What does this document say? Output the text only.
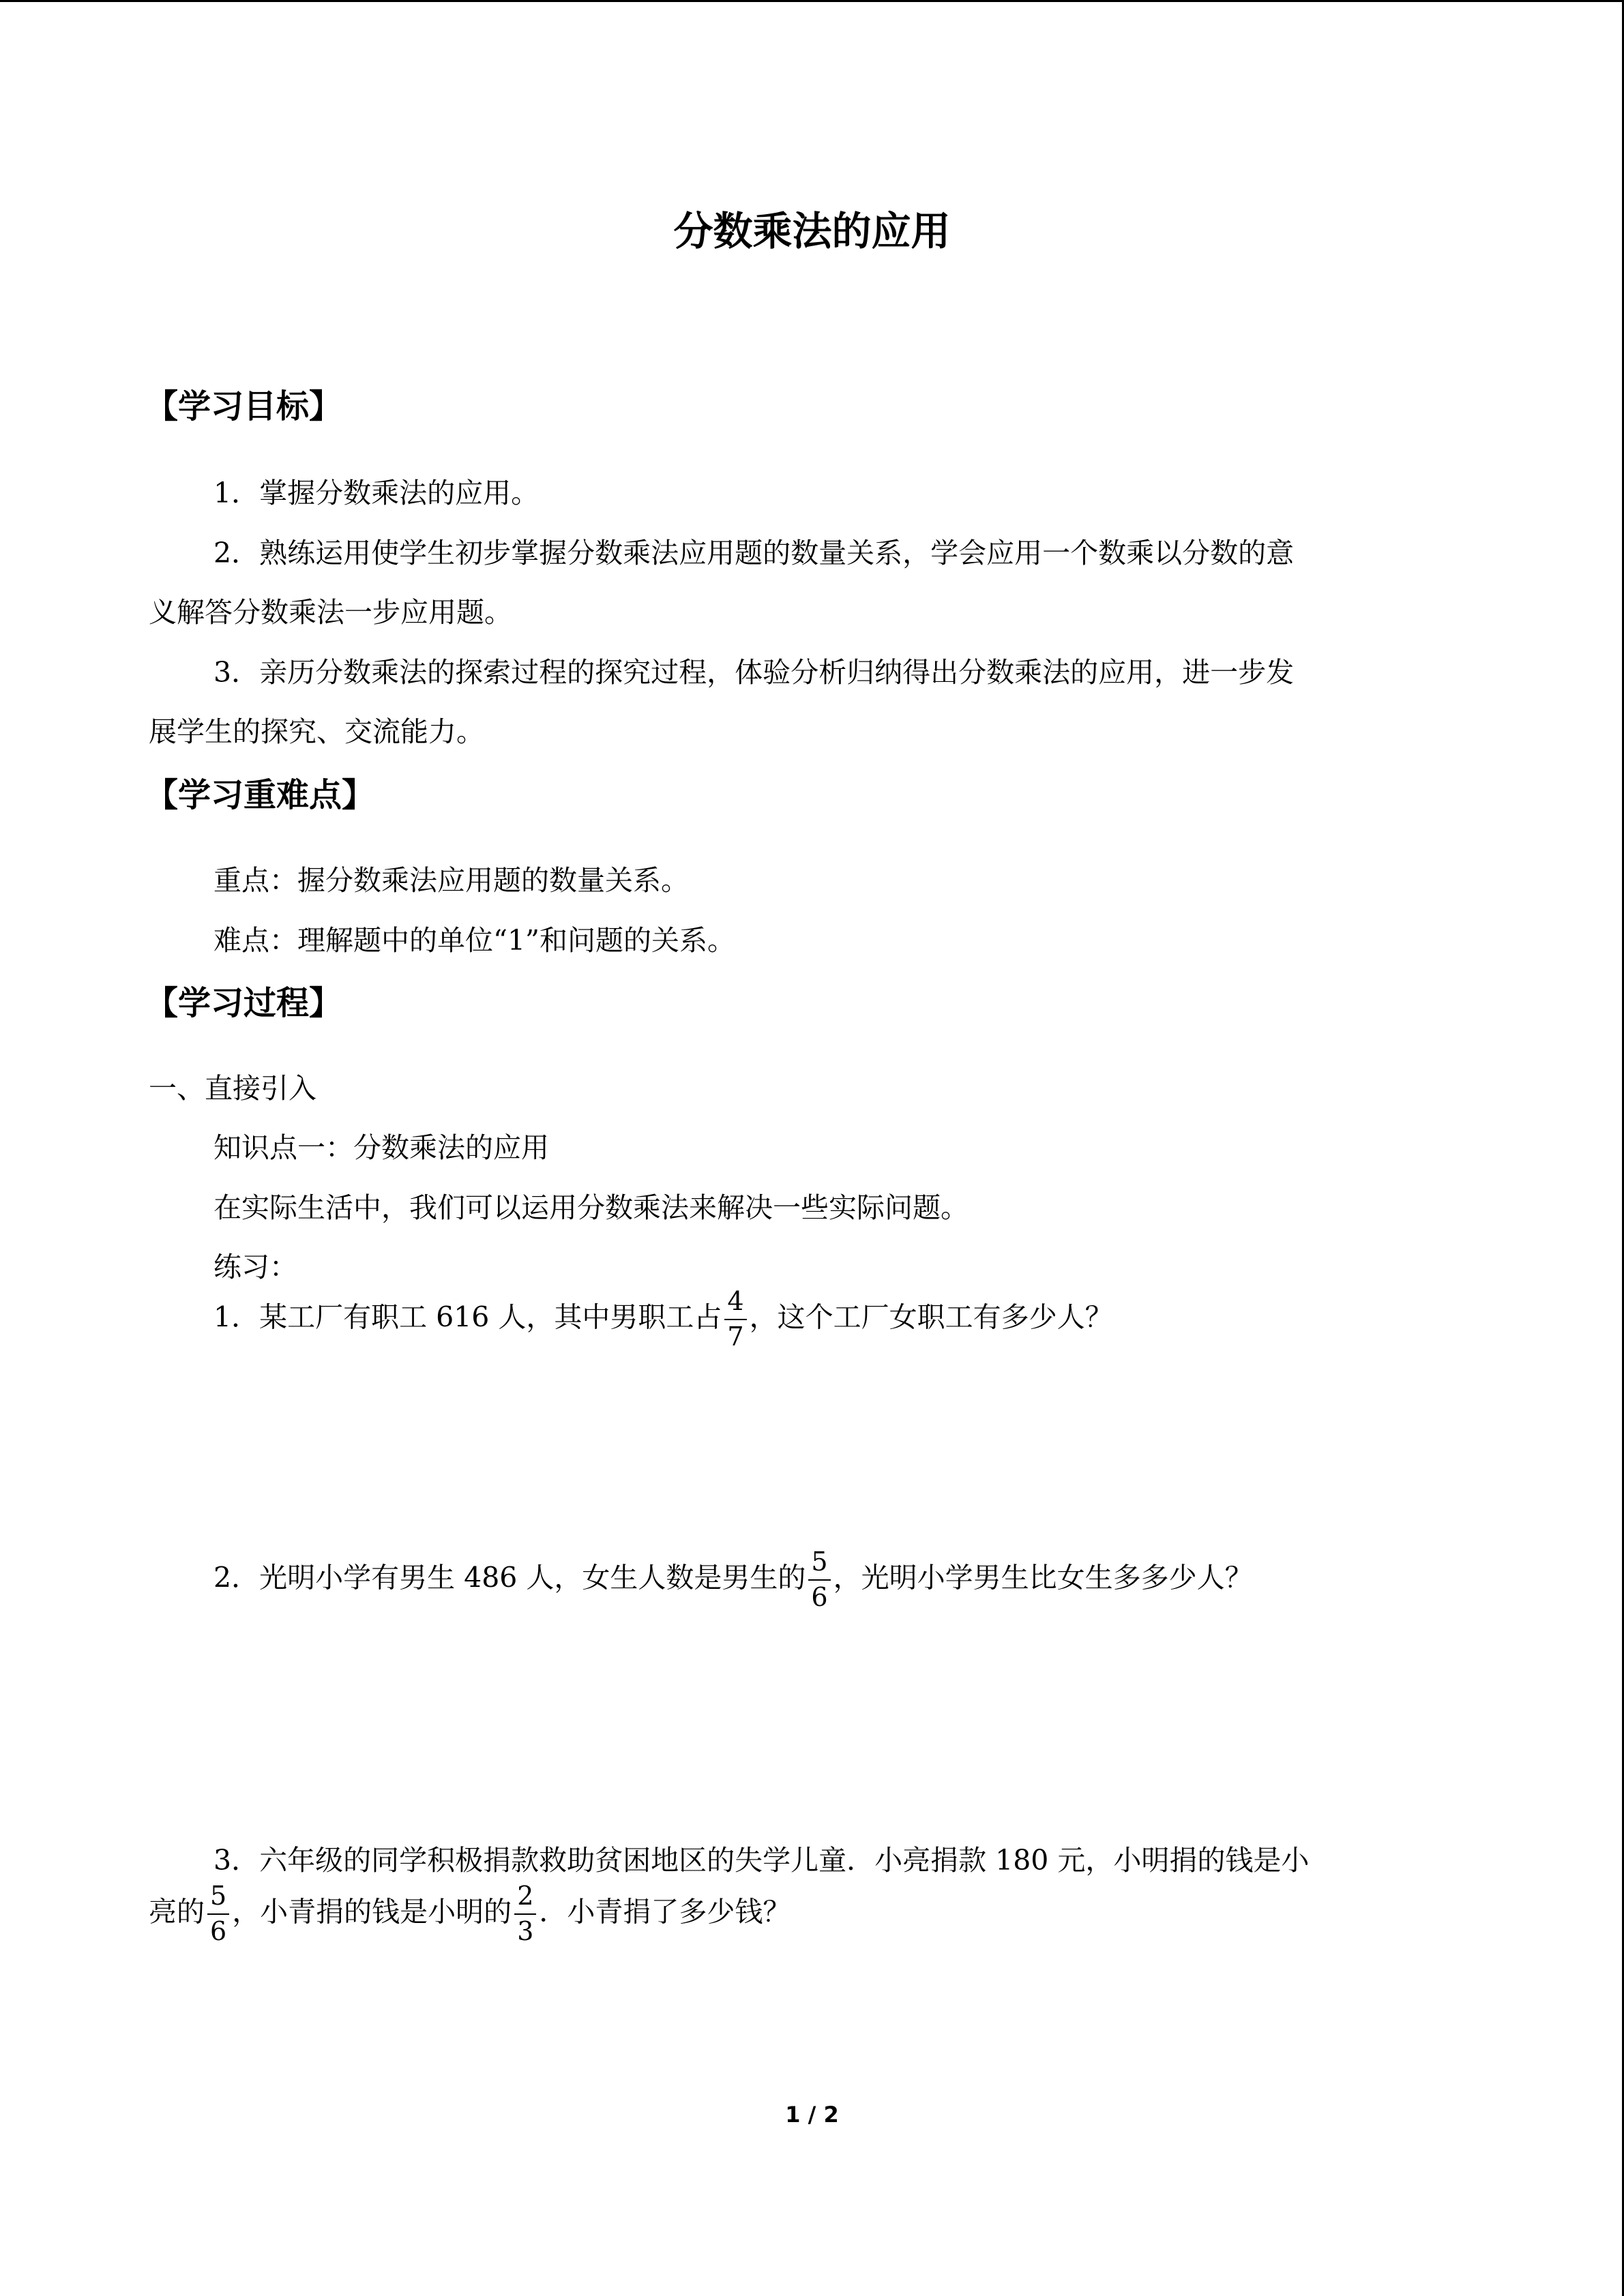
分数乘法的应用
【学习目标】
1．掌握分数乘法的应用。
2．熟练运用使学生初步掌握分数乘法应用题的数量关系，学会应用一个数乘以分数的意
义解答分数乘法一步应用题。
3．亲历分数乘法的探索过程的探究过程，体验分析归纳得出分数乘法的应用，进一步发
展学生的探究、交流能力。
【学习重难点】
重点：握分数乘法应用题的数量关系。
难点：理解题中的单位“1”和问题的关系。
【学习过程】
一、直接引入
知识点一：分数乘法的应用
在实际生活中，我们可以运用分数乘法来解决一些实际问题。
练习：
1．某工厂有职工 616 人，其中男职工占 $\frac{4}{7}$ ，这个工厂女职工有多少人？
2．光明小学有男生 486 人，女生人数是男生的 $\frac{5}{6}$ ，光明小学男生比女生多多少人？
3．六年级的同学积极捐款救助贫困地区的失学儿童．小亮捐款 180 元，小明捐的钱是小
亮的 $\frac{5}{6}$ ，小青捐的钱是小明的 $\frac{2}{3}$ ．小青捐了多少钱？
1 / 2
